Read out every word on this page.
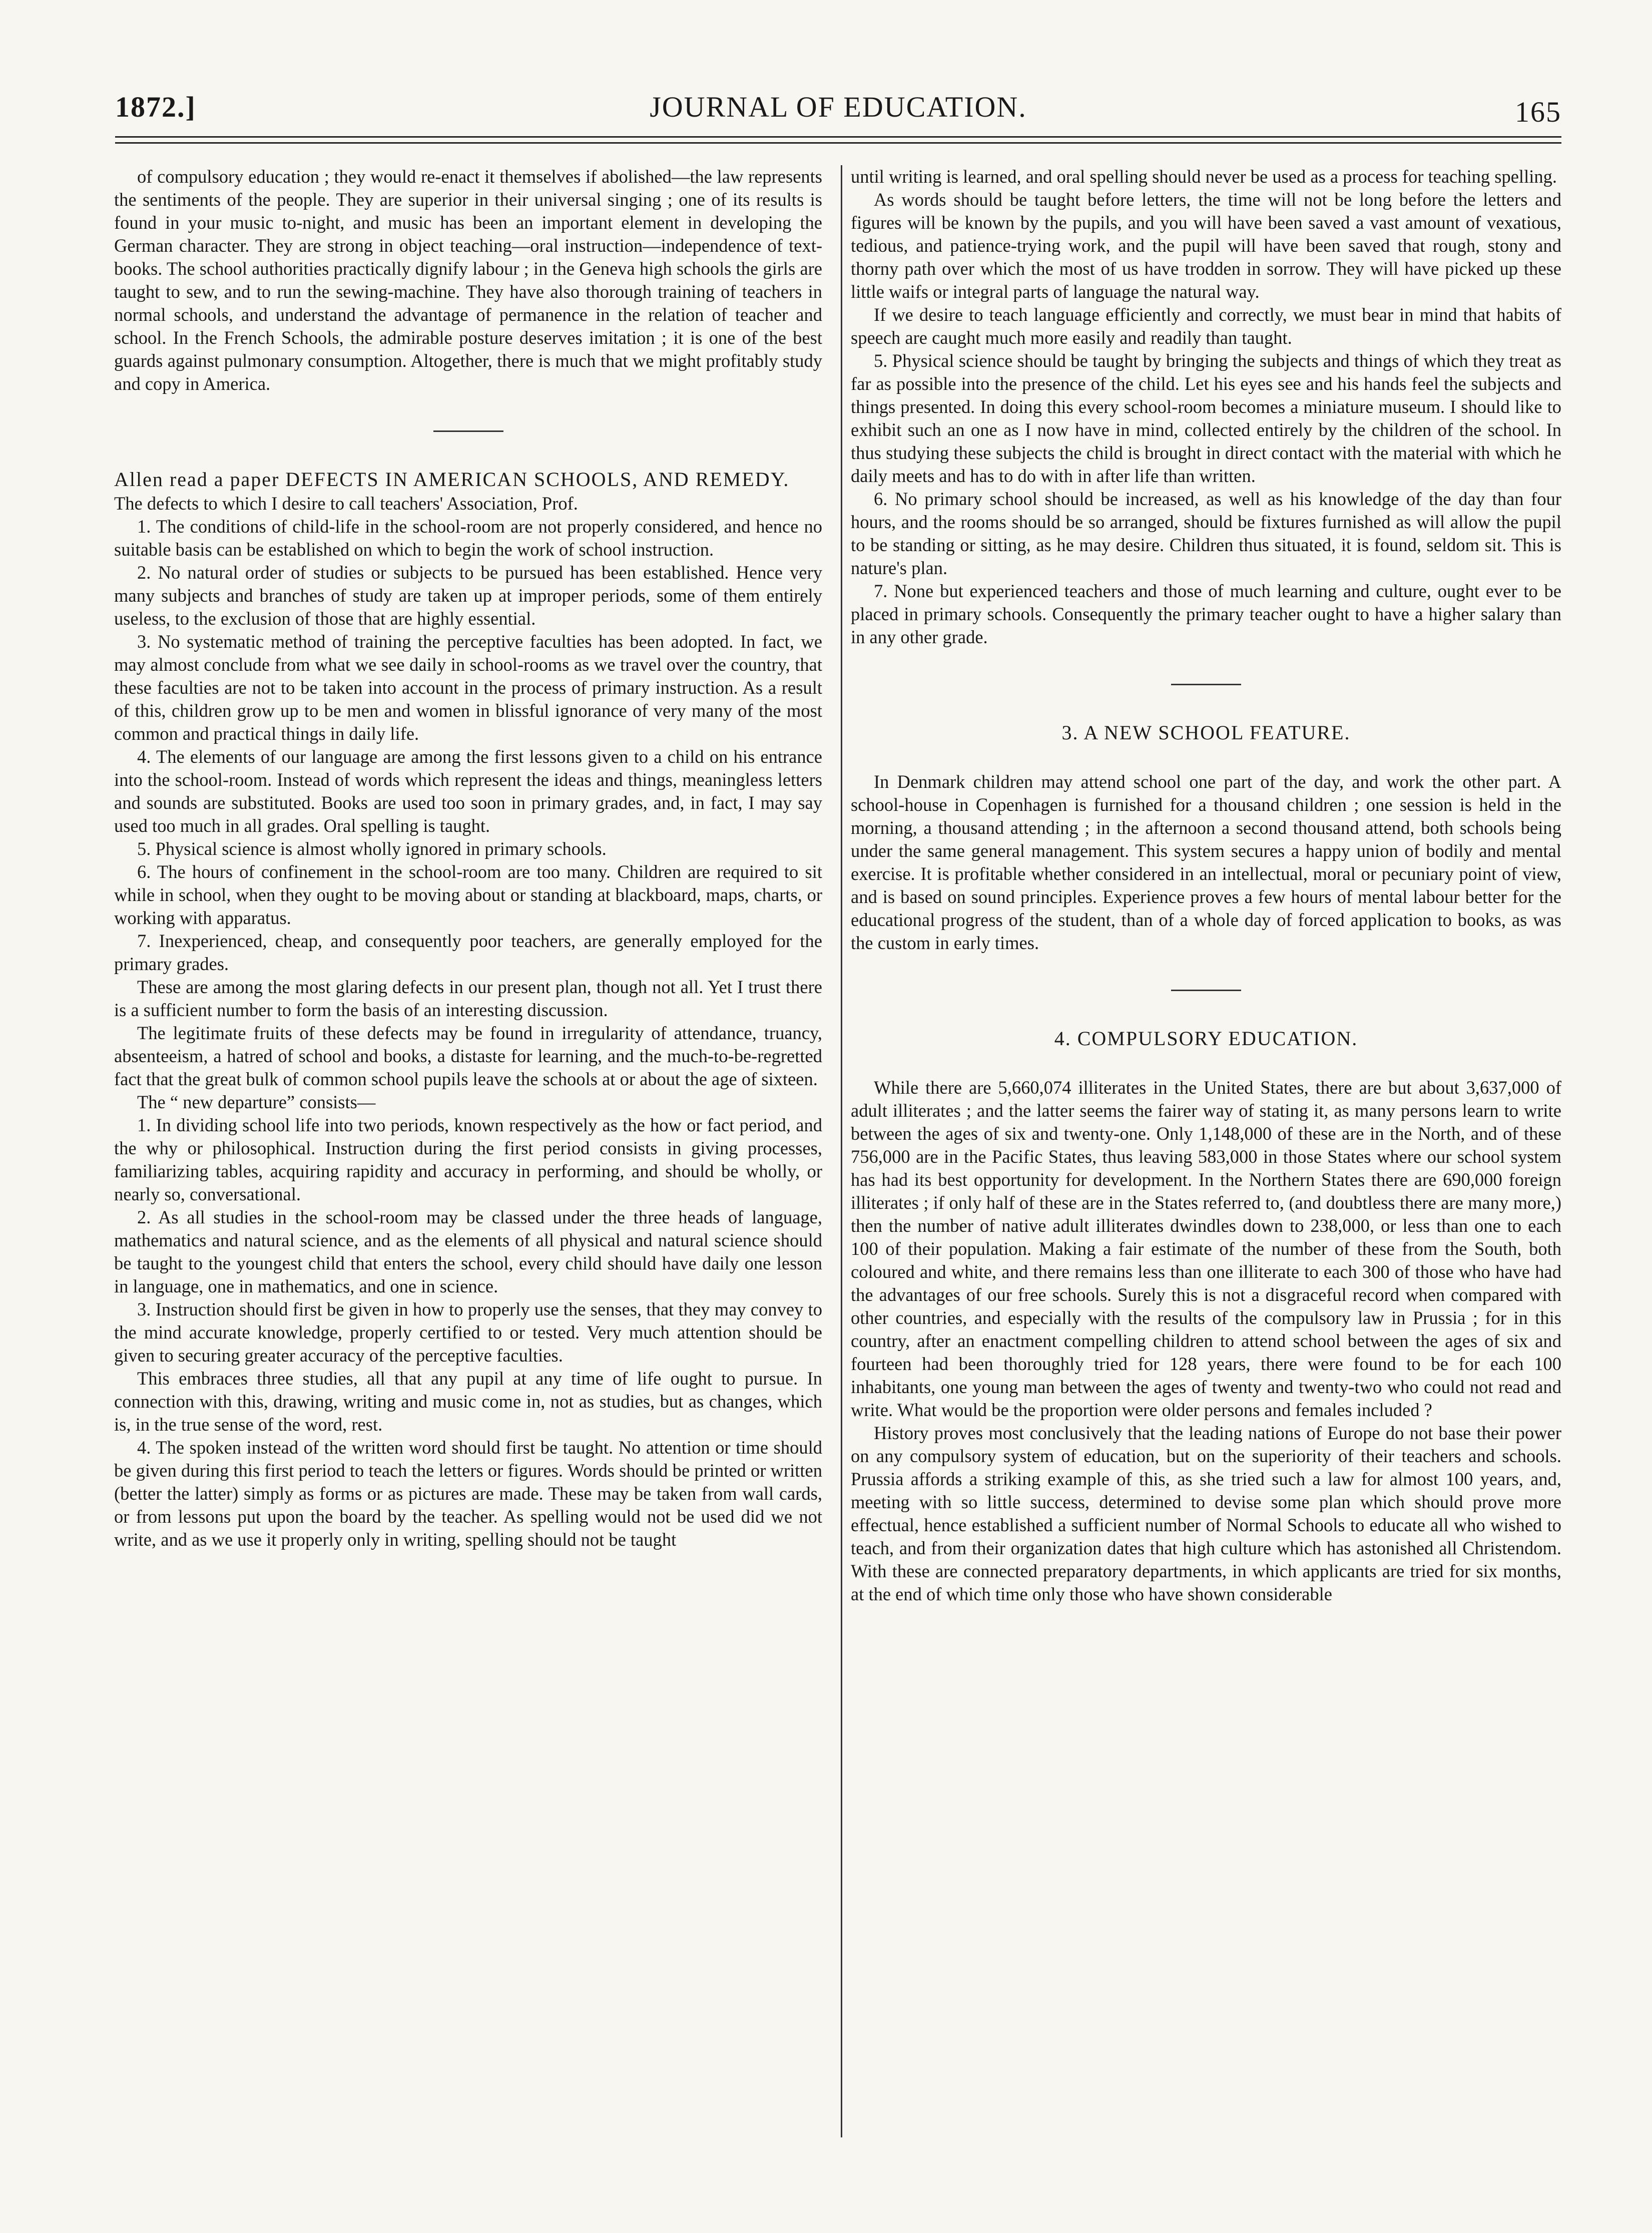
1872.]	JOURNAL OF EDUCATION.	165

of compulsory education ; they would re-enact it themselves if abolished—the law represents the sentiments of the people. They are superior in their universal singing ; one of its results is found in your music to-night, and music has been an important element in developing the German character. They are strong in object teaching—oral instruction—independence of text-books. The school authorities practically dignify labour ; in the Geneva high schools the girls are taught to sew, and to run the sewing-machine. They have also thorough training of teachers in normal schools, and understand the advantage of permanence in the relation of teacher and school. In the French Schools, the admirable posture deserves imitation ; it is one of the best guards against pulmonary consumption. Altogether, there is much that we might profitably study and copy in America.

Allen read a paper DEFECTS IN AMERICAN SCHOOLS, AND REMEDY.

The defects to which I desire to call teachers' Association, Prof.

1. The conditions of child-life in the school-room are not properly considered, and hence no suitable basis can be established on which to begin the work of school instruction.

2. No natural order of studies or subjects to be pursued has been established. Hence very many subjects and branches of study are taken up at improper periods, some of them entirely useless, to the exclusion of those that are highly essential.

3. No systematic method of training the perceptive faculties has been adopted. In fact, we may almost conclude from what we see daily in school-rooms as we travel over the country, that these faculties are not to be taken into account in the process of primary instruction. As a result of this, children grow up to be men and women in blissful ignorance of very many of the most common and practical things in daily life.

4. The elements of our language are among the first lessons given to a child on his entrance into the school-room. Instead of words which represent the ideas and things, meaningless letters and sounds are substituted. Books are used too soon in primary grades, and, in fact, I may say used too much in all grades. Oral spelling is taught.

5. Physical science is almost wholly ignored in primary schools.

6. The hours of confinement in the school-room are too many. Children are required to sit while in school, when they ought to be moving about or standing at blackboard, maps, charts, or working with apparatus.

7. Inexperienced, cheap, and consequently poor teachers, are generally employed for the primary grades.

These are among the most glaring defects in our present plan, though not all. Yet I trust there is a sufficient number to form the basis of an interesting discussion.

The legitimate fruits of these defects may be found in irregularity of attendance, truancy, absenteeism, a hatred of school and books, a distaste for learning, and the much-to-be-regretted fact that the great bulk of common school pupils leave the schools at or about the age of sixteen.

The “ new departure” consists—

1. In dividing school life into two periods, known respectively as the how or fact period, and the why or philosophical. Instruction during the first period consists in giving processes, familiarizing tables, acquiring rapidity and accuracy in performing, and should be wholly, or nearly so, conversational.

2. As all studies in the school-room may be classed under the three heads of language, mathematics and natural science, and as the elements of all physical and natural science should be taught to the youngest child that enters the school, every child should have daily one lesson in language, one in mathematics, and one in science.

3. Instruction should first be given in how to properly use the senses, that they may convey to the mind accurate knowledge, properly certified to or tested. Very much attention should be given to securing greater accuracy of the perceptive faculties.

This embraces three studies, all that any pupil at any time of life ought to pursue. In connection with this, drawing, writing and music come in, not as studies, but as changes, which is, in the true sense of the word, rest.

4. The spoken instead of the written word should first be taught. No attention or time should be given during this first period to teach the letters or figures. Words should be printed or written (better the latter) simply as forms or as pictures are made. These may be taken from wall cards, or from lessons put upon the board by the teacher. As spelling would not be used did we not write, and as we use it properly only in writing, spelling should not be taught

until writing is learned, and oral spelling should never be used as a process for teaching spelling.

As words should be taught before letters, the time will not be long before the letters and figures will be known by the pupils, and you will have been saved a vast amount of vexatious, tedious, and patience-trying work, and the pupil will have been saved that rough, stony and thorny path over which the most of us have trodden in sorrow. They will have picked up these little waifs or integral parts of language the natural way.

If we desire to teach language efficiently and correctly, we must bear in mind that habits of speech are caught much more easily and readily than taught.

5. Physical science should be taught by bringing the subjects and things of which they treat as far as possible into the presence of the child. Let his eyes see and his hands feel the subjects and things presented. In doing this every school-room becomes a miniature museum. I should like to exhibit such an one as I now have in mind, collected entirely by the children of the school. In thus studying these subjects the child is brought in direct contact with the material with which he daily meets and has to do with in after life than written.

6. No primary school should be increased, as well as his knowledge of the day than four hours, and the rooms should be so arranged, should be fixtures furnished as will allow the pupil to be standing or sitting, as he may desire. Children thus situated, it is found, seldom sit. This is nature's plan.

7. None but experienced teachers and those of much learning and culture, ought ever to be placed in primary schools. Consequently the primary teacher ought to have a higher salary than in any other grade.

3. A NEW SCHOOL FEATURE.

In Denmark children may attend school one part of the day, and work the other part. A school-house in Copenhagen is furnished for a thousand children ; one session is held in the morning, a thousand attending ; in the afternoon a second thousand attend, both schools being under the same general management. This system secures a happy union of bodily and mental exercise. It is profitable whether considered in an intellectual, moral or pecuniary point of view, and is based on sound principles. Experience proves a few hours of mental labour better for the educational progress of the student, than of a whole day of forced application to books, as was the custom in early times.

4. COMPULSORY EDUCATION.

While there are 5,660,074 illiterates in the United States, there are but about 3,637,000 of adult illiterates ; and the latter seems the fairer way of stating it, as many persons learn to write between the ages of six and twenty-one. Only 1,148,000 of these are in the North, and of these 756,000 are in the Pacific States, thus leaving 583,000 in those States where our school system has had its best opportunity for development. In the Northern States there are 690,000 foreign illiterates ; if only half of these are in the States referred to, (and doubtless there are many more,) then the number of native adult illiterates dwindles down to 238,000, or less than one to each 100 of their population. Making a fair estimate of the number of these from the South, both coloured and white, and there remains less than one illiterate to each 300 of those who have had the advantages of our free schools. Surely this is not a disgraceful record when compared with other countries, and especially with the results of the compulsory law in Prussia ; for in this country, after an enactment compelling children to attend school between the ages of six and fourteen had been thoroughly tried for 128 years, there were found to be for each 100 inhabitants, one young man between the ages of twenty and twenty-two who could not read and write. What would be the proportion were older persons and females included ?

History proves most conclusively that the leading nations of Europe do not base their power on any compulsory system of education, but on the superiority of their teachers and schools. Prussia affords a striking example of this, as she tried such a law for almost 100 years, and, meeting with so little success, determined to devise some plan which should prove more effectual, hence established a sufficient number of Normal Schools to educate all who wished to teach, and from their organization dates that high culture which has astonished all Christendom. With these are connected preparatory departments, in which applicants are tried for six months, at the end of which time only those who have shown considerable
